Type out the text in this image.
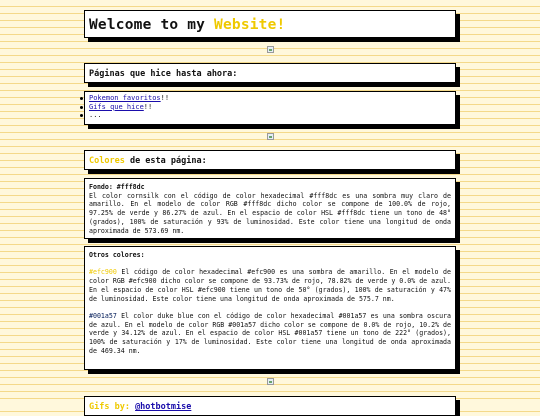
Welcome to my Website!
Páginas que hice hasta ahora:
Pokemon favoritos!!
Gifs que hice!!
...
Colores de esta página:

Fondo: #fff8dc

El color cornsilk con el código de color hexadecimal #fff8dc es una sombra muy claro de amarillo. En el modelo de color RGB #fff8dc dicho color se compone de 100.0% de rojo, 97.25% de verde y 86.27% de azul. En el espacio de color HSL #fff8dc tiene un tono de 48° (grados), 100% de saturación y 93% de luminosidad. Este color tiene una longitud de onda aproximada de 573.69 nm.

Otros colores:

#efc900 El código de color hexadecimal #efc900 es una sombra de amarillo. En el modelo de color RGB #efc900 dicho color se compone de 93.73% de rojo, 78.82% de verde y 0.0% de azul. En el espacio de color HSL #efc900 tiene un tono de 50° (grados), 100% de saturación y 47% de luminosidad. Este color tiene una longitud de onda aproximada de 575.7 nm.

#001a57 El color duke blue con el código de color hexadecimal #001a57 es una sombra oscura de azul. En el modelo de color RGB #001a57 dicho color se compone de 0.0% de rojo, 10.2% de verde y 34.12% de azul. En el espacio de color HSL #001a57 tiene un tono de 222° (grados), 100% de saturación y 17% de luminosidad. Este color tiene una longitud de onda aproximada de 469.34 nm.

Gifs by: @hotbotmise
